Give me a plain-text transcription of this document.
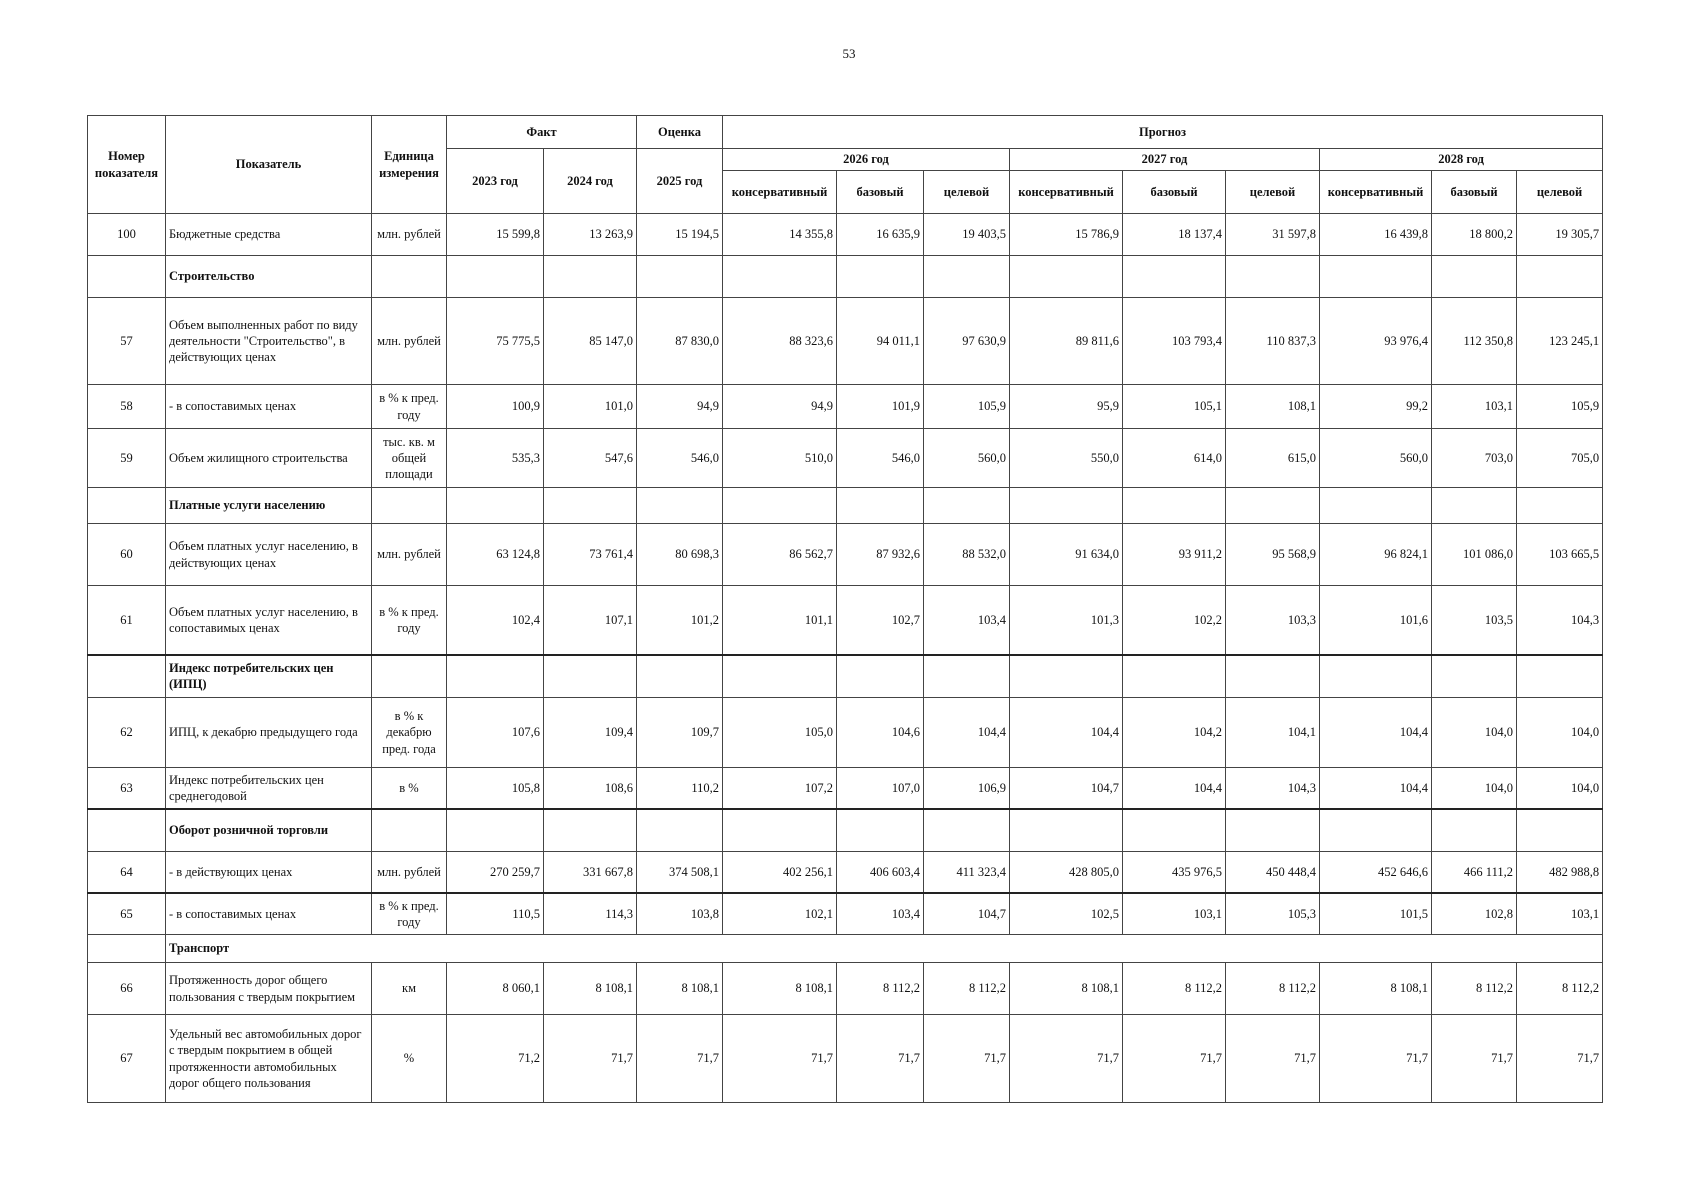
53
Номер показателя	Показатель	Единица измерения	Факт		Оценка	Прогноз								
			2023 год	2024 год	2025 год	2026 год			2027 год			2028 год		
						консервативный	базовый	целевой	консервативный	базовый	целевой	консервативный	базовый	целевой
100	Бюджетные средства	млн. рублей	15 599,8	13 263,9	15 194,5	14 355,8	16 635,9	19 403,5	15 786,9	18 137,4	31 597,8	16 439,8	18 800,2	19 305,7
	Строительство													
57	Объем выполненных работ по виду деятельности "Строительство", в действующих ценах	млн. рублей	75 775,5	85 147,0	87 830,0	88 323,6	94 011,1	97 630,9	89 811,6	103 793,4	110 837,3	93 976,4	112 350,8	123 245,1
58	- в сопоставимых ценах	в % к пред. году	100,9	101,0	94,9	94,9	101,9	105,9	95,9	105,1	108,1	99,2	103,1	105,9
59	Объем жилищного строительства	тыс. кв. м общей площади	535,3	547,6	546,0	510,0	546,0	560,0	550,0	614,0	615,0	560,0	703,0	705,0
	Платные услуги населению													
60	Объем платных услуг населению, в действующих ценах	млн. рублей	63 124,8	73 761,4	80 698,3	86 562,7	87 932,6	88 532,0	91 634,0	93 911,2	95 568,9	96 824,1	101 086,0	103 665,5
61	Объем платных услуг населению, в сопоставимых ценах	в % к пред. году	102,4	107,1	101,2	101,1	102,7	103,4	101,3	102,2	103,3	101,6	103,5	104,3
	Индекс потребительских цен (ИПЦ)													
62	ИПЦ, к декабрю предыдущего года	в % к декабрю пред. года	107,6	109,4	109,7	105,0	104,6	104,4	104,4	104,2	104,1	104,4	104,0	104,0
63	Индекс потребительских цен среднегодовой	в %	105,8	108,6	110,2	107,2	107,0	106,9	104,7	104,4	104,3	104,4	104,0	104,0
	Оборот розничной торговли													
64	- в действующих ценах	млн. рублей	270 259,7	331 667,8	374 508,1	402 256,1	406 603,4	411 323,4	428 805,0	435 976,5	450 448,4	452 646,6	466 111,2	482 988,8
65	- в сопоставимых ценах	в % к пред. году	110,5	114,3	103,8	102,1	103,4	104,7	102,5	103,1	105,3	101,5	102,8	103,1
	Транспорт													
66	Протяженность дорог общего пользования с твердым покрытием	км	8 060,1	8 108,1	8 108,1	8 108,1	8 112,2	8 112,2	8 108,1	8 112,2	8 112,2	8 108,1	8 112,2	8 112,2
67	Удельный вес автомобильных дорог с твердым покрытием в общей протяженности автомобильных дорог общего пользования	%	71,2	71,7	71,7	71,7	71,7	71,7	71,7	71,7	71,7	71,7	71,7	71,7
